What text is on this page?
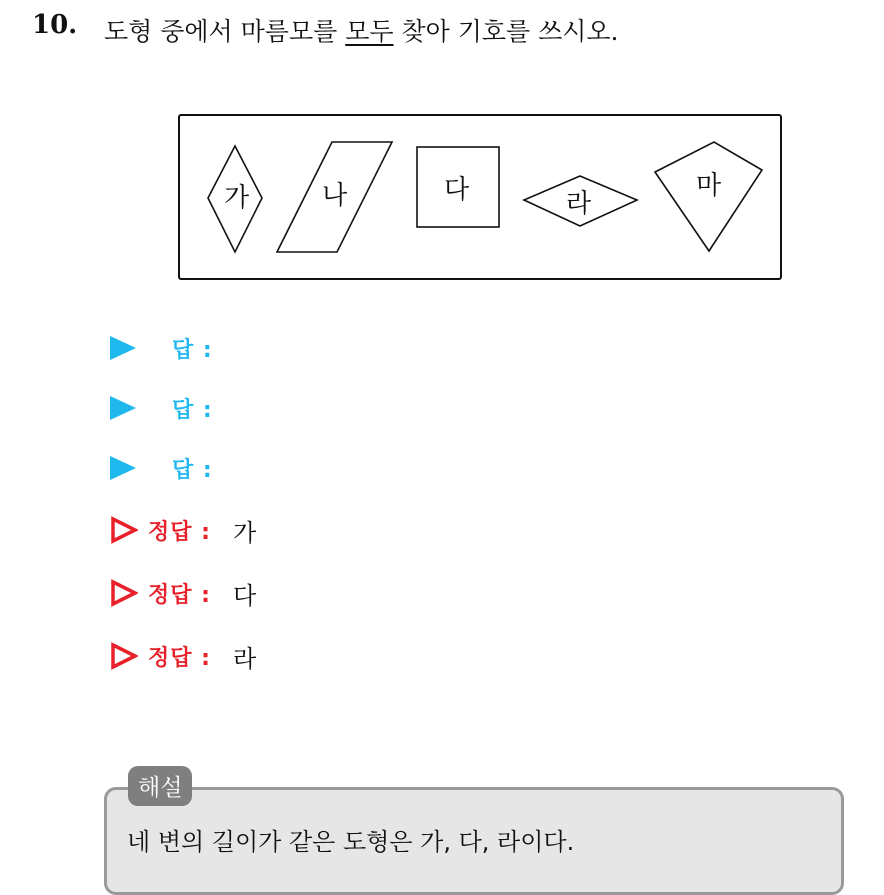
10. 도형 중에서 마름모를 모두 찾아 기호를 쓰시오.
가	나	다	라
마
답 :
답 :
답 :
정답 : 가
정답 : 다
정답 : 라
네 변의 길이가 같은 도형은 가, 다, 라이다.
해설
